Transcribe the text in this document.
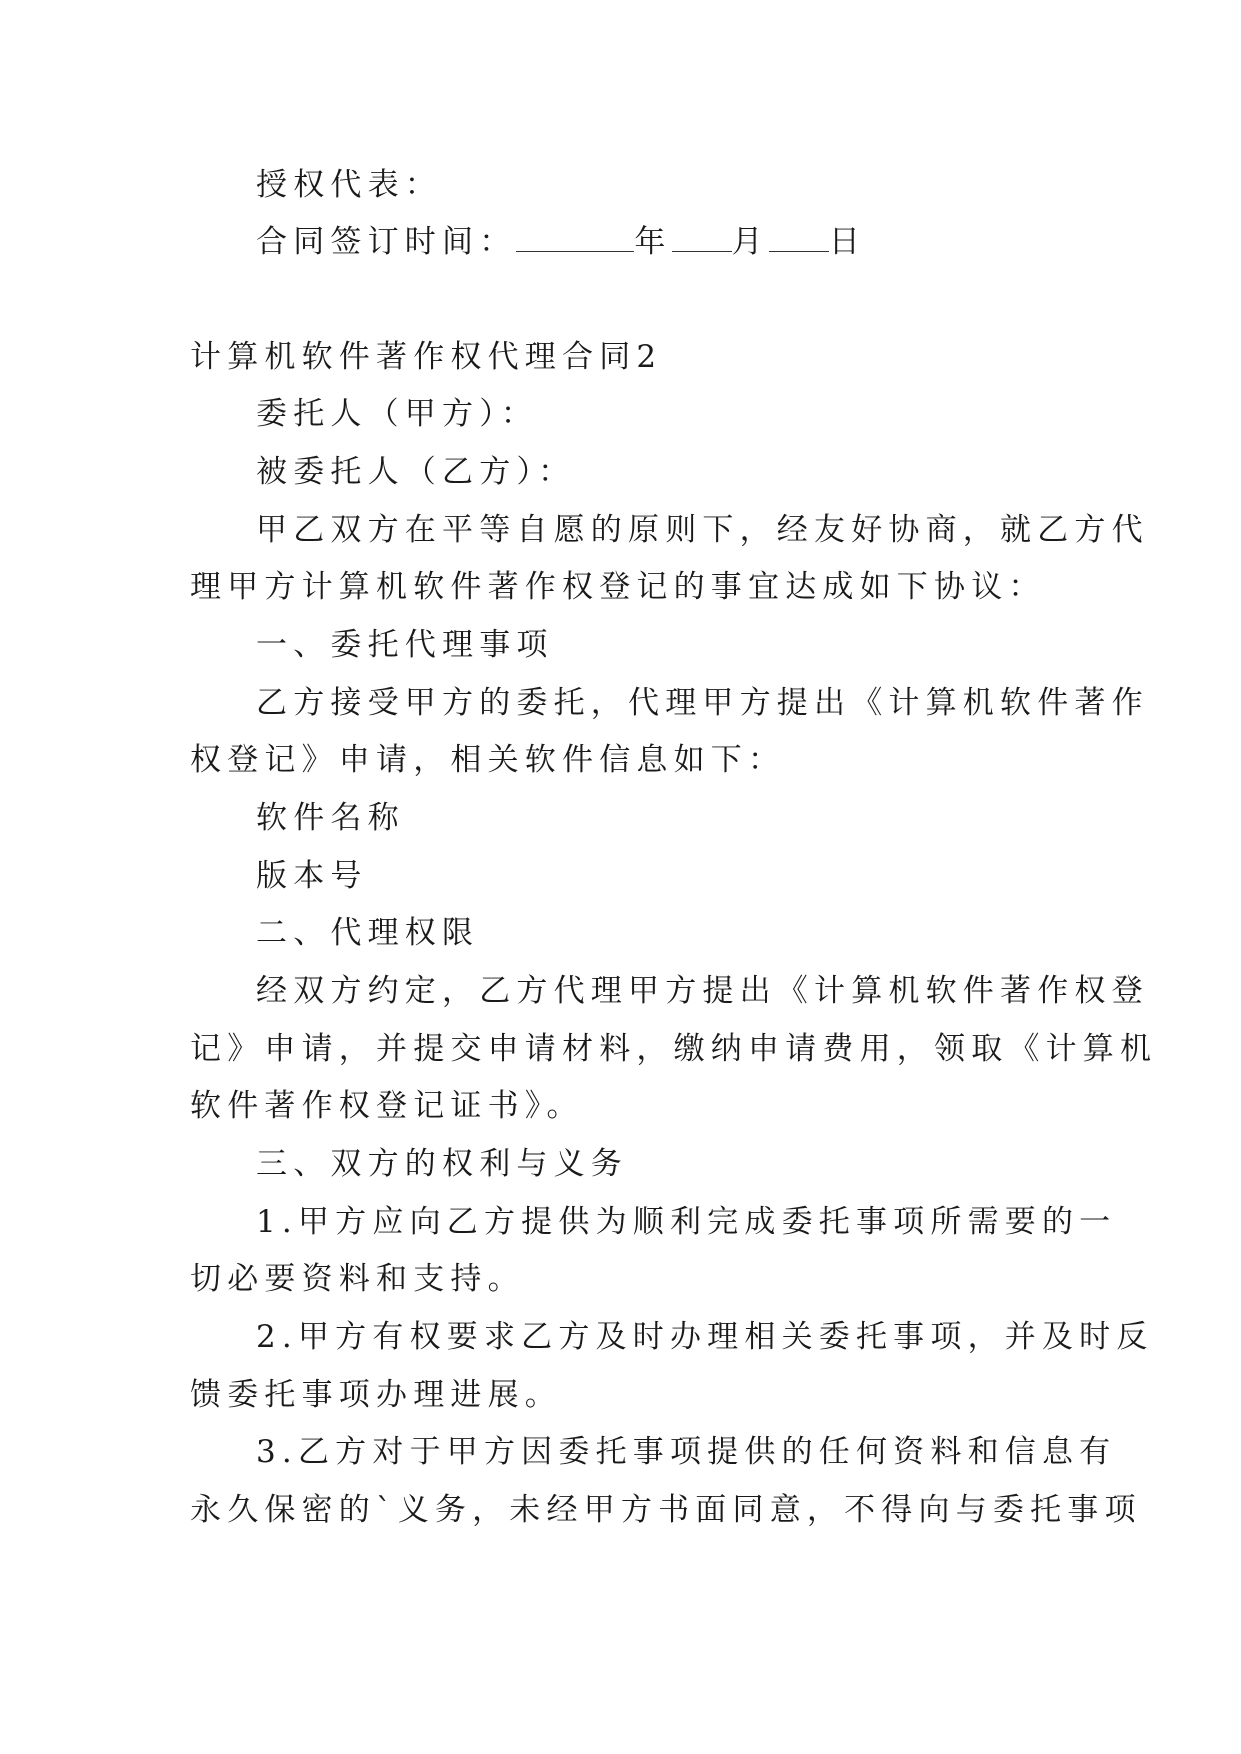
授权代表：
合同签订时间：	年 月 日
计算机软件著作权代理合同2
委托人（甲方）：
被委托人（乙方）：
甲乙双方在平等自愿的原则下，经友好协商，就乙方代
理甲方计算机软件著作权登记的事宜达成如下协议：
一、委托代理事项
乙方接受甲方的委托，代理甲方提出《计算机软件著作
权登记》申请，相关软件信息如下：
软件名称
版本号
二、代理权限
经双方约定，乙方代理甲方提出《计算机软件著作权登
记》申请，并提交申请材料，缴纳申请费用，领取《计算机
软件著作权登记证书》。
三、双方的权利与义务
1.甲方应向乙方提供为顺利完成委托事项所需要的一
切必要资料和支持。
2.甲方有权要求乙方及时办理相关委托事项，并及时反
馈委托事项办理进展。
3.乙方对于甲方因委托事项提供的任何资料和信息有
永久保密的`义务，未经甲方书面同意，不得向与委托事项
